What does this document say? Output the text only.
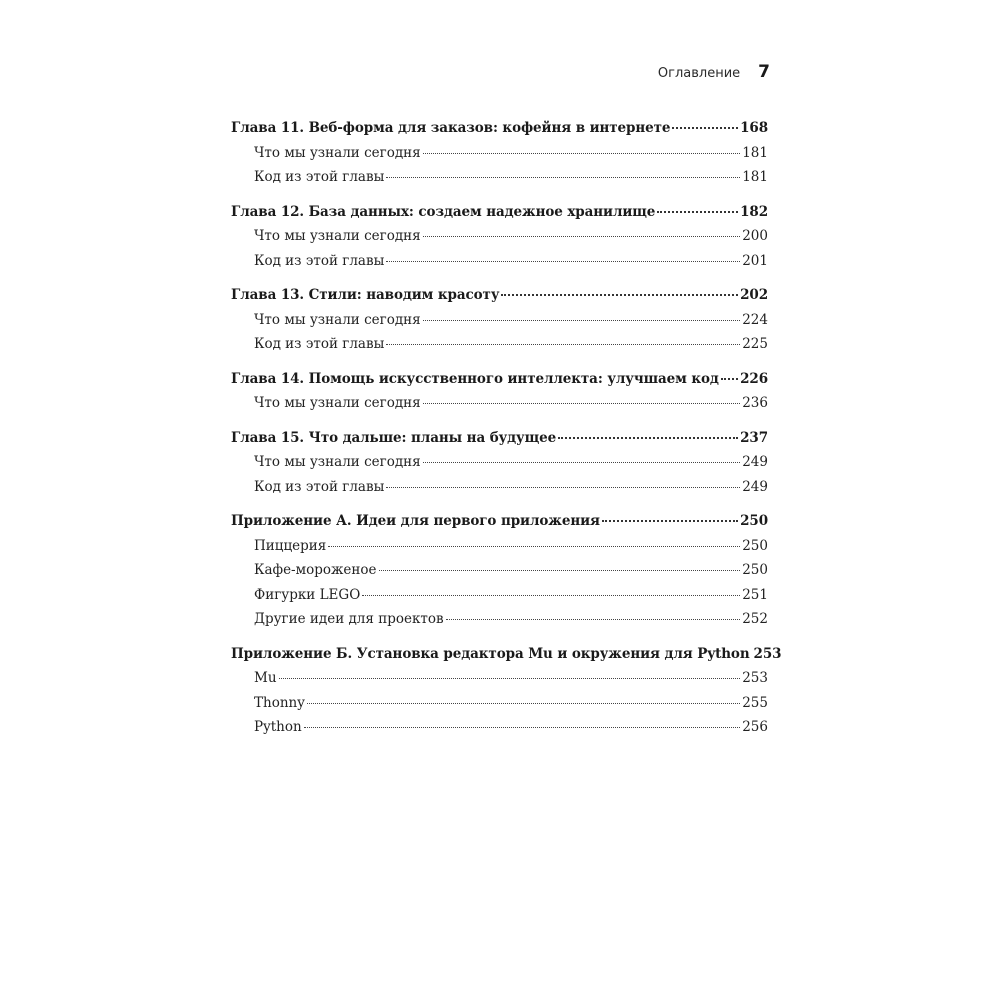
Оглавление 7
Глава 11. Веб-форма для заказов: кофейня в интернете	168
Что мы узнали сегодня	181
Код из этой главы	181
Глава 12. База данных: создаем надежное хранилище	182
Что мы узнали сегодня	200
Код из этой главы	201
Глава 13. Стили: наводим красоту	202
Что мы узнали сегодня	224
Код из этой главы	225
Глава 14. Помощь искусственного интеллекта: улучшаем код 226
Что мы узнали сегодня	236
Глава 15. Что дальше: планы на будущее	237
Что мы узнали сегодня	249
Код из этой главы	249
Приложение А. Идеи для первого приложения	250
Пиццерия	250
Кафе-мороженое	250
Фигурки LEGO	251
Другие идеи для проектов	252
Приложение Б. Установка редактора Mu и окружения для Python 253
Mu	253
Thonny	255
Python	256
